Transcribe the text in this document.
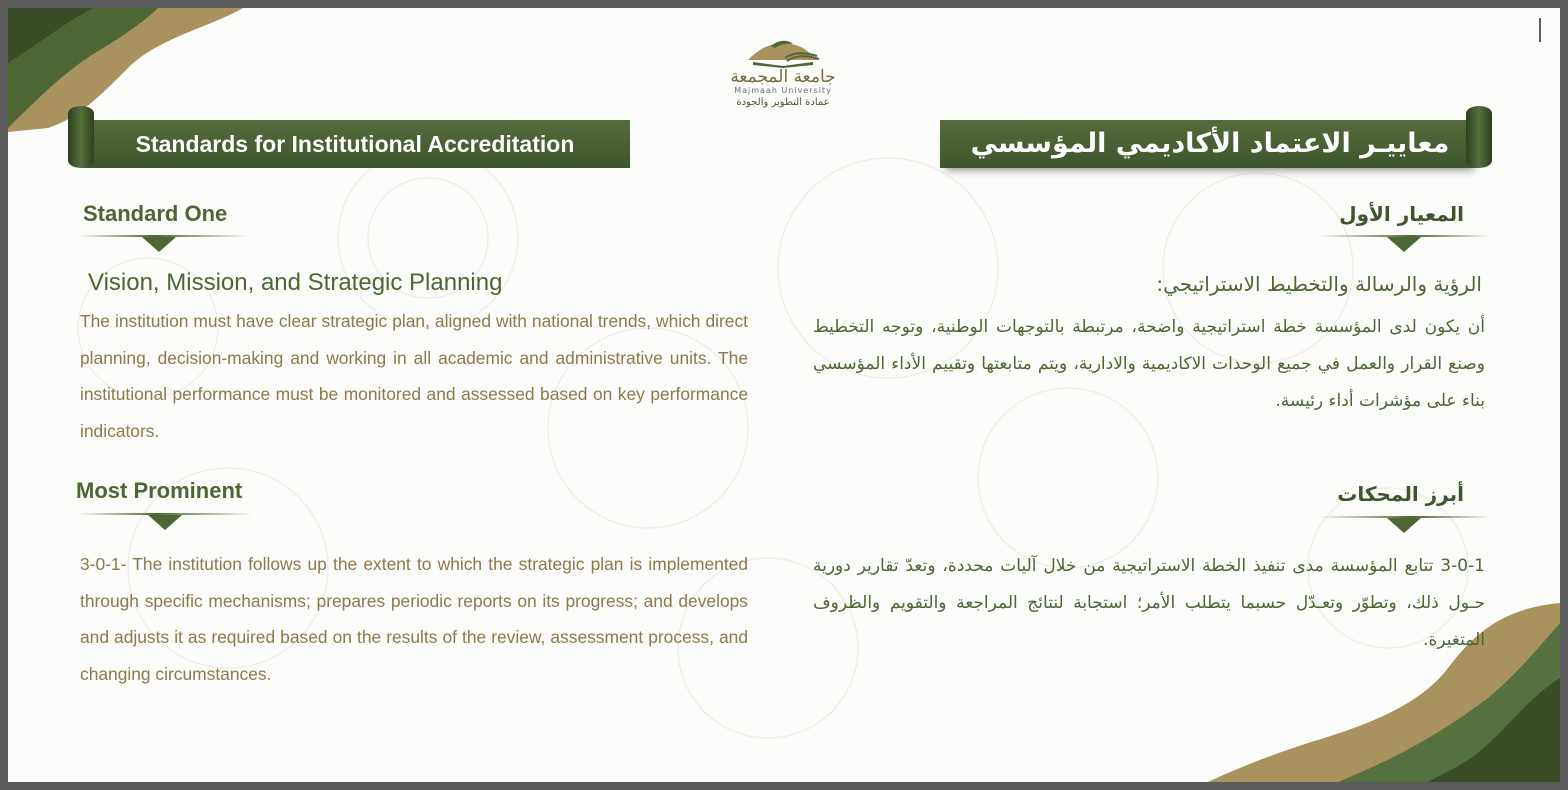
جامعة المجمعة
Majmaah University
عمادة التطوير والجودة
Standards for Institutional Accreditation	معاييـر الاعتماد الأكاديمي المؤسسي
Standard One
Vision, Mission, and Strategic Planning
The institution must have clear strategic plan, aligned with national trends, which direct planning, decision-making and working in all academic and administrative units. The institutional performance must be monitored and assessed based on key performance indicators.
Most Prominent
3-0-1- The institution follows up the extent to which the strategic plan is implemented through specific mechanisms; prepares periodic reports on its progress; and develops and adjusts it as required based on the results of the review, assessment process, and changing circumstances.
المعيار الأول
الرؤية والرسالة والتخطيط الاستراتيجي:
أن يكون لدى المؤسسة خطة استراتيجية واضحة، مرتبطة بالتوجهات الوطنية، وتوجه التخطيط وصنع القرار والعمل في جميع الوحدات الاكاديمية والادارية، ويتم متابعتها وتقييم الأداء المؤسسي بناء على مؤشرات أداء رئيسة.
أبرز المحكات
3-0-1 تتابع المؤسسة مدى تنفيذ الخطة الاستراتيجية من خلال آليات محددة، وتعدّ تقارير دورية حـول ذلك، وتطوّر وتعـدّل حسبما يتطلب الأمر؛ استجابة لنتائج المراجعة والتقويم والظروف المتغيرة.
